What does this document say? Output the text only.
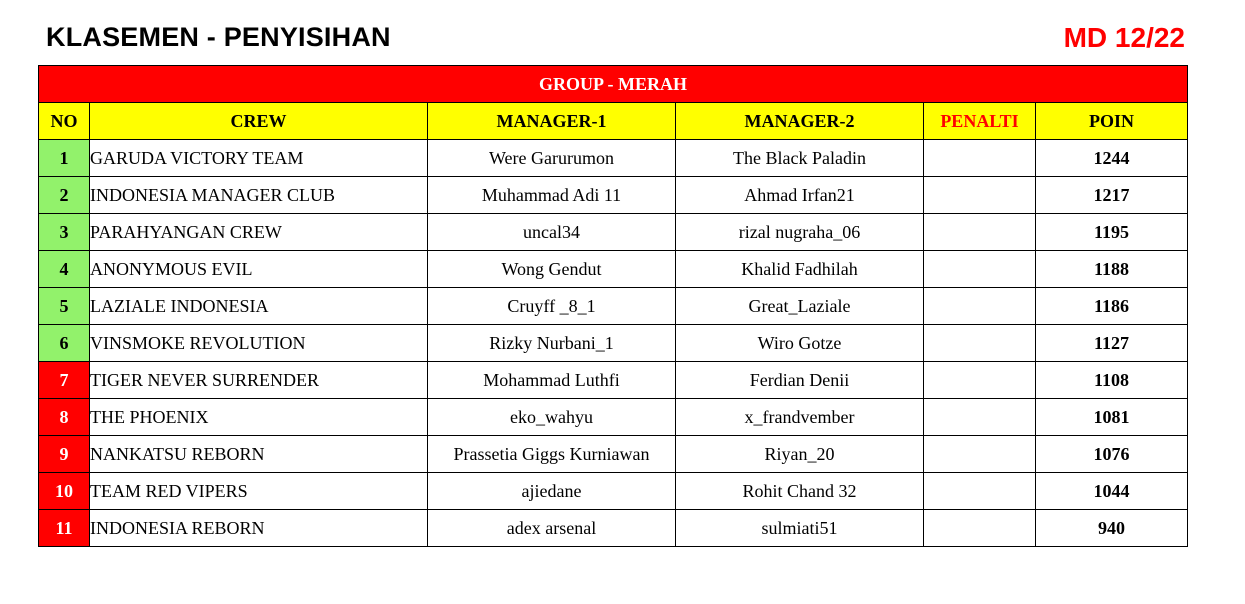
KLASEMEN - PENYISIHAN	MD 12/22
GROUP - MERAH					
NO	CREW	MANAGER-1	MANAGER-2	PENALTI	POIN
1	GARUDA VICTORY TEAM	Were Garurumon	The Black Paladin		1244
2	INDONESIA MANAGER CLUB	Muhammad Adi 11	Ahmad Irfan21		1217
3	PARAHYANGAN CREW	uncal34	rizal nugraha_06		1195
4	ANONYMOUS EVIL	Wong Gendut	Khalid Fadhilah		1188
5	LAZIALE INDONESIA	Cruyff _8_1	Great_Laziale		1186
6	VINSMOKE REVOLUTION	Rizky Nurbani_1	Wiro Gotze		1127
7	TIGER NEVER SURRENDER	Mohammad Luthfi	Ferdian Denii		1108
8	THE PHOENIX	eko_wahyu	x_frandvember		1081
9	NANKATSU REBORN	Prassetia Giggs Kurniawan	Riyan_20		1076
10	TEAM RED VIPERS	ajiedane	Rohit Chand 32		1044
11	INDONESIA REBORN	adex arsenal	sulmiati51		940
